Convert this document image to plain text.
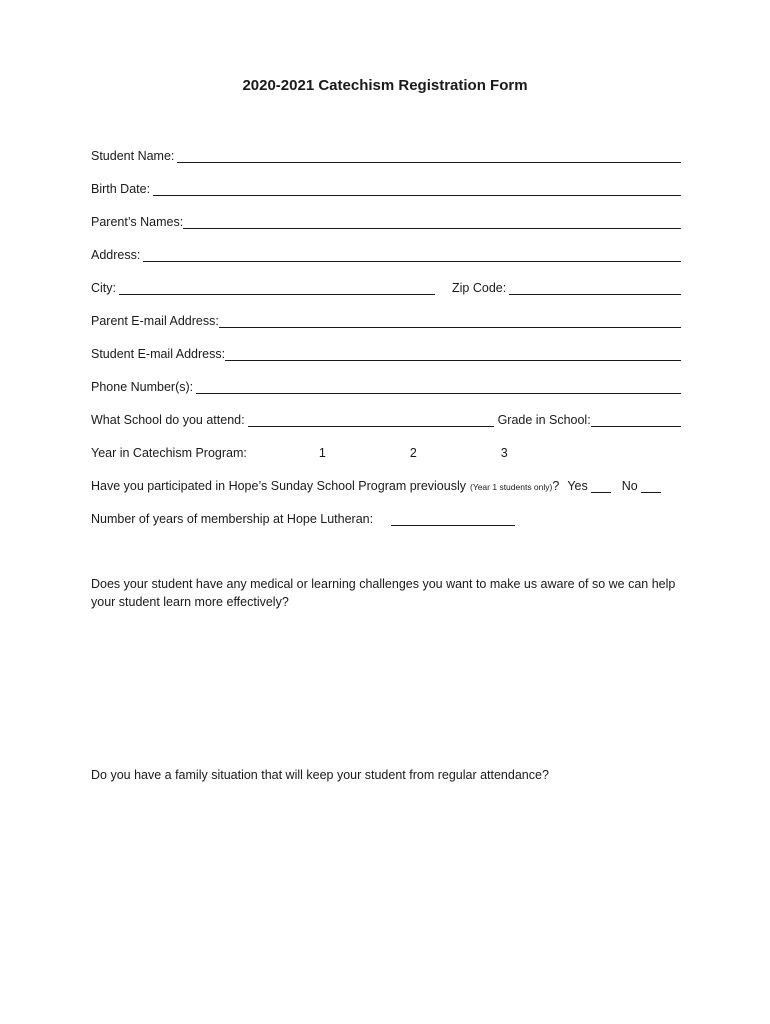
2020-2021 Catechism Registration Form
Student Name:
Birth Date:
Parent’s Names:
Address:
City:	Zip Code:
Parent E-mail Address:
Student E-mail Address:
Phone Number(s):
What School do you attend:	Grade in School:
Year in Catechism Program:	1	2	3
Have you participated in Hope’s Sunday School Program previously (Year 1 students only) ? Yes	No
Number of years of membership at Hope Lutheran:
Does your student have any medical or learning challenges you want to make us aware of so we can help your student learn more effectively?
Do you have a family situation that will keep your student from regular attendance?
